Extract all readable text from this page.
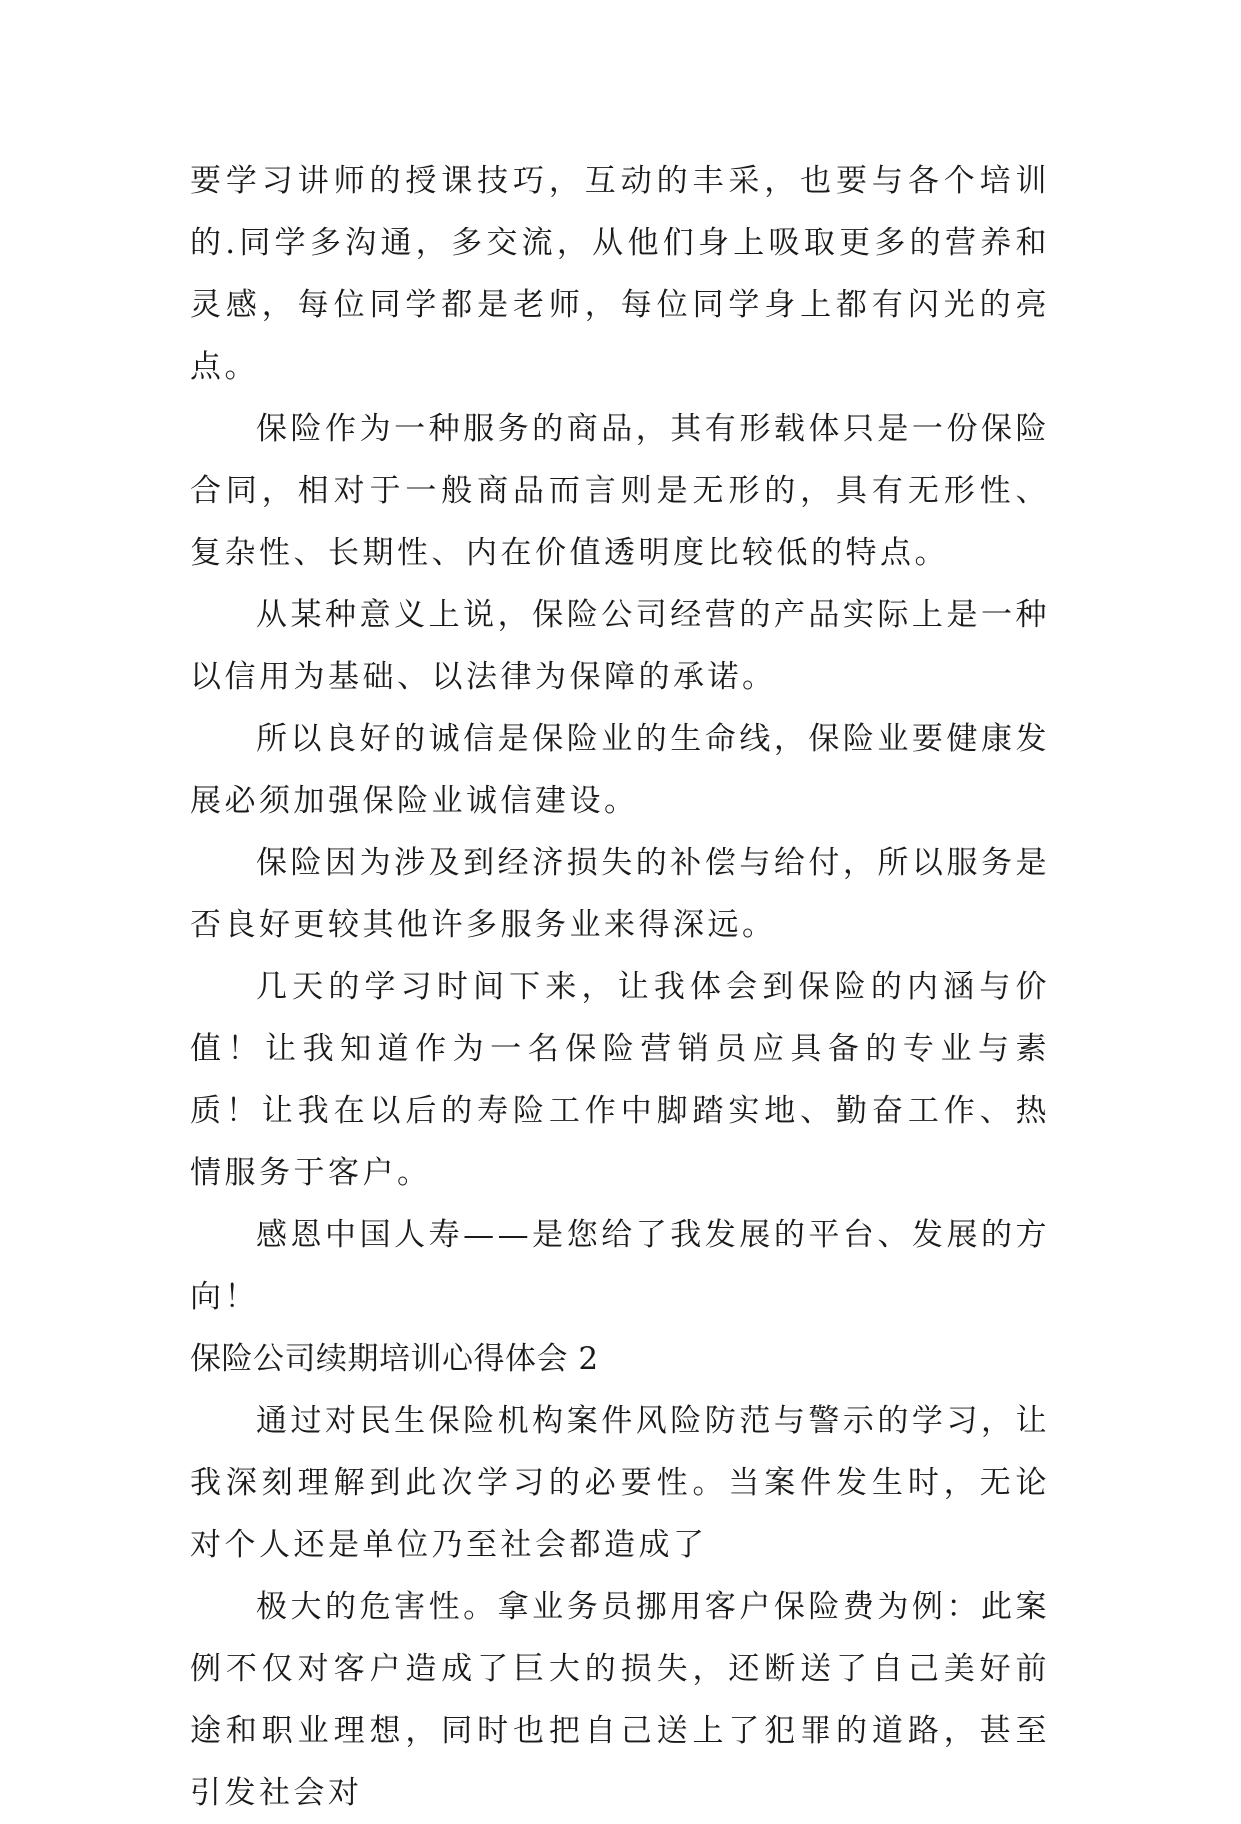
要学习讲师的授课技巧，互动的丰采，也要与各个培训的.同学多沟通，多交流，从他们身上吸取更多的营养和灵感，每位同学都是老师，每位同学身上都有闪光的亮点。

保险作为一种服务的商品，其有形载体只是一份保险合同，相对于一般商品而言则是无形的，具有无形性、复杂性、长期性、内在价值透明度比较低的特点。

从某种意义上说，保险公司经营的产品实际上是一种以信用为基础、以法律为保障的承诺。

所以良好的诚信是保险业的生命线，保险业要健康发展必须加强保险业诚信建设。

保险因为涉及到经济损失的补偿与给付，所以服务是否良好更较其他许多服务业来得深远。

几天的学习时间下来，让我体会到保险的内涵与价值！让我知道作为一名保险营销员应具备的专业与素质！让我在以后的寿险工作中脚踏实地、勤奋工作、热情服务于客户。

感恩中国人寿——是您给了我发展的平台、发展的方向！

保险公司续期培训心得体会 2

通过对民生保险机构案件风险防范与警示的学习，让我深刻理解到此次学习的必要性。当案件发生时，无论对个人还是单位乃至社会都造成了

极大的危害性。拿业务员挪用客户保险费为例：此案例不仅对客户造成了巨大的损失，还断送了自己美好前途和职业理想，同时也把自己送上了犯罪的道路，甚至引发社会对
